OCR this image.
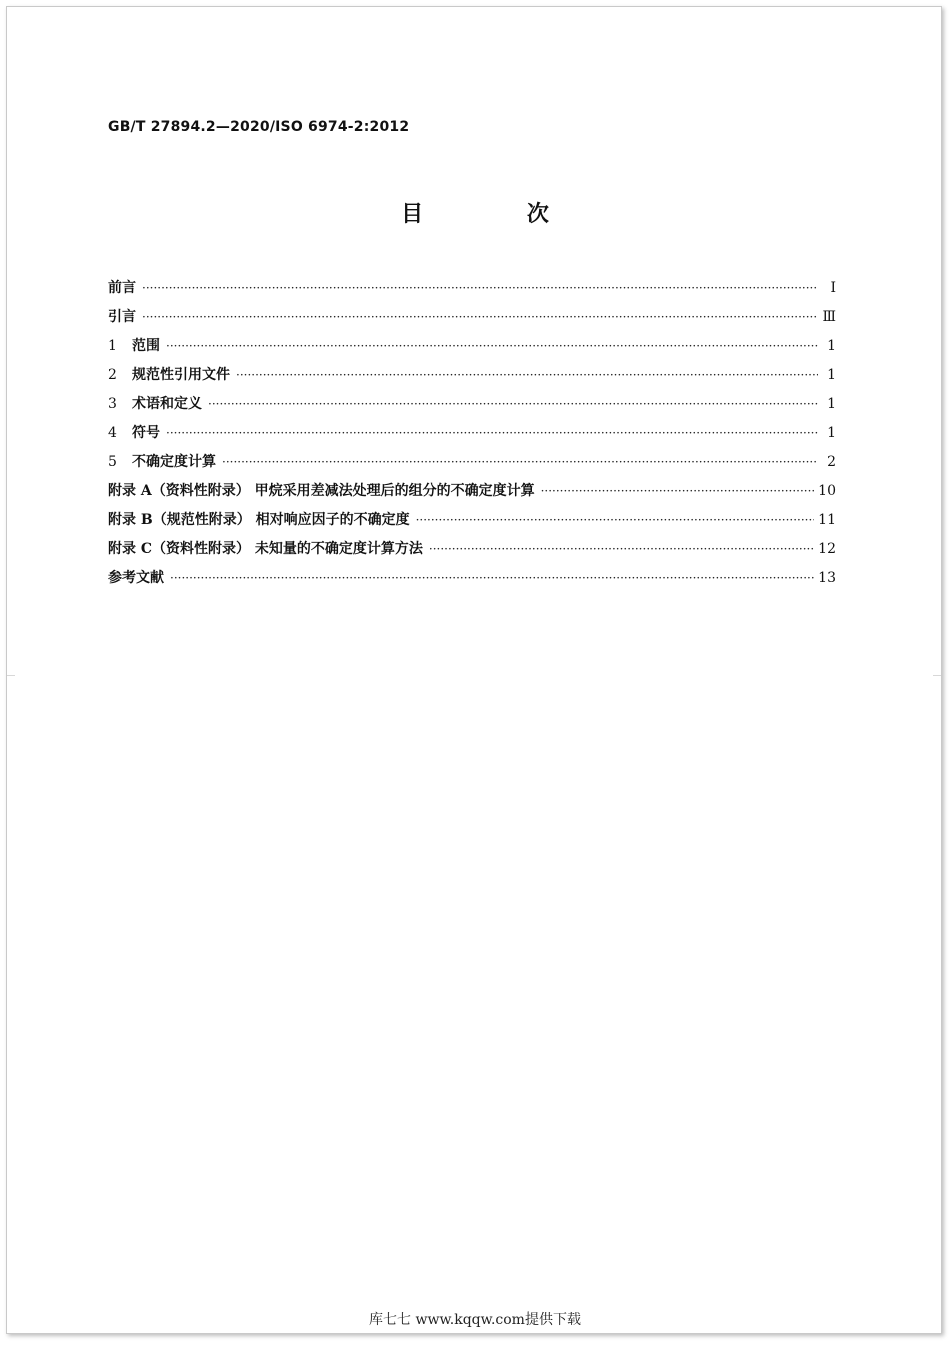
GB/T 27894.2—2020/ISO 6974-2:2012
目 次
前言 ·····	Ⅰ
引言 ·····	Ⅲ
1 范围 ·····	1
2 规范性引用文件 ·····	1
3 术语和定义 ·····	1
4 符号 ·····	1
5 不确定度计算 ·····	2
附录 A（资料性附录） 甲烷采用差减法处理后的组分的不确定度计算 ·····	10
附录 B（规范性附录） 相对响应因子的不确定度 ·····	11
附录 C（资料性附录） 未知量的不确定度计算方法 ·····	12
参考文献 ·····	13
库七七 www.kqqw.com提供下载
